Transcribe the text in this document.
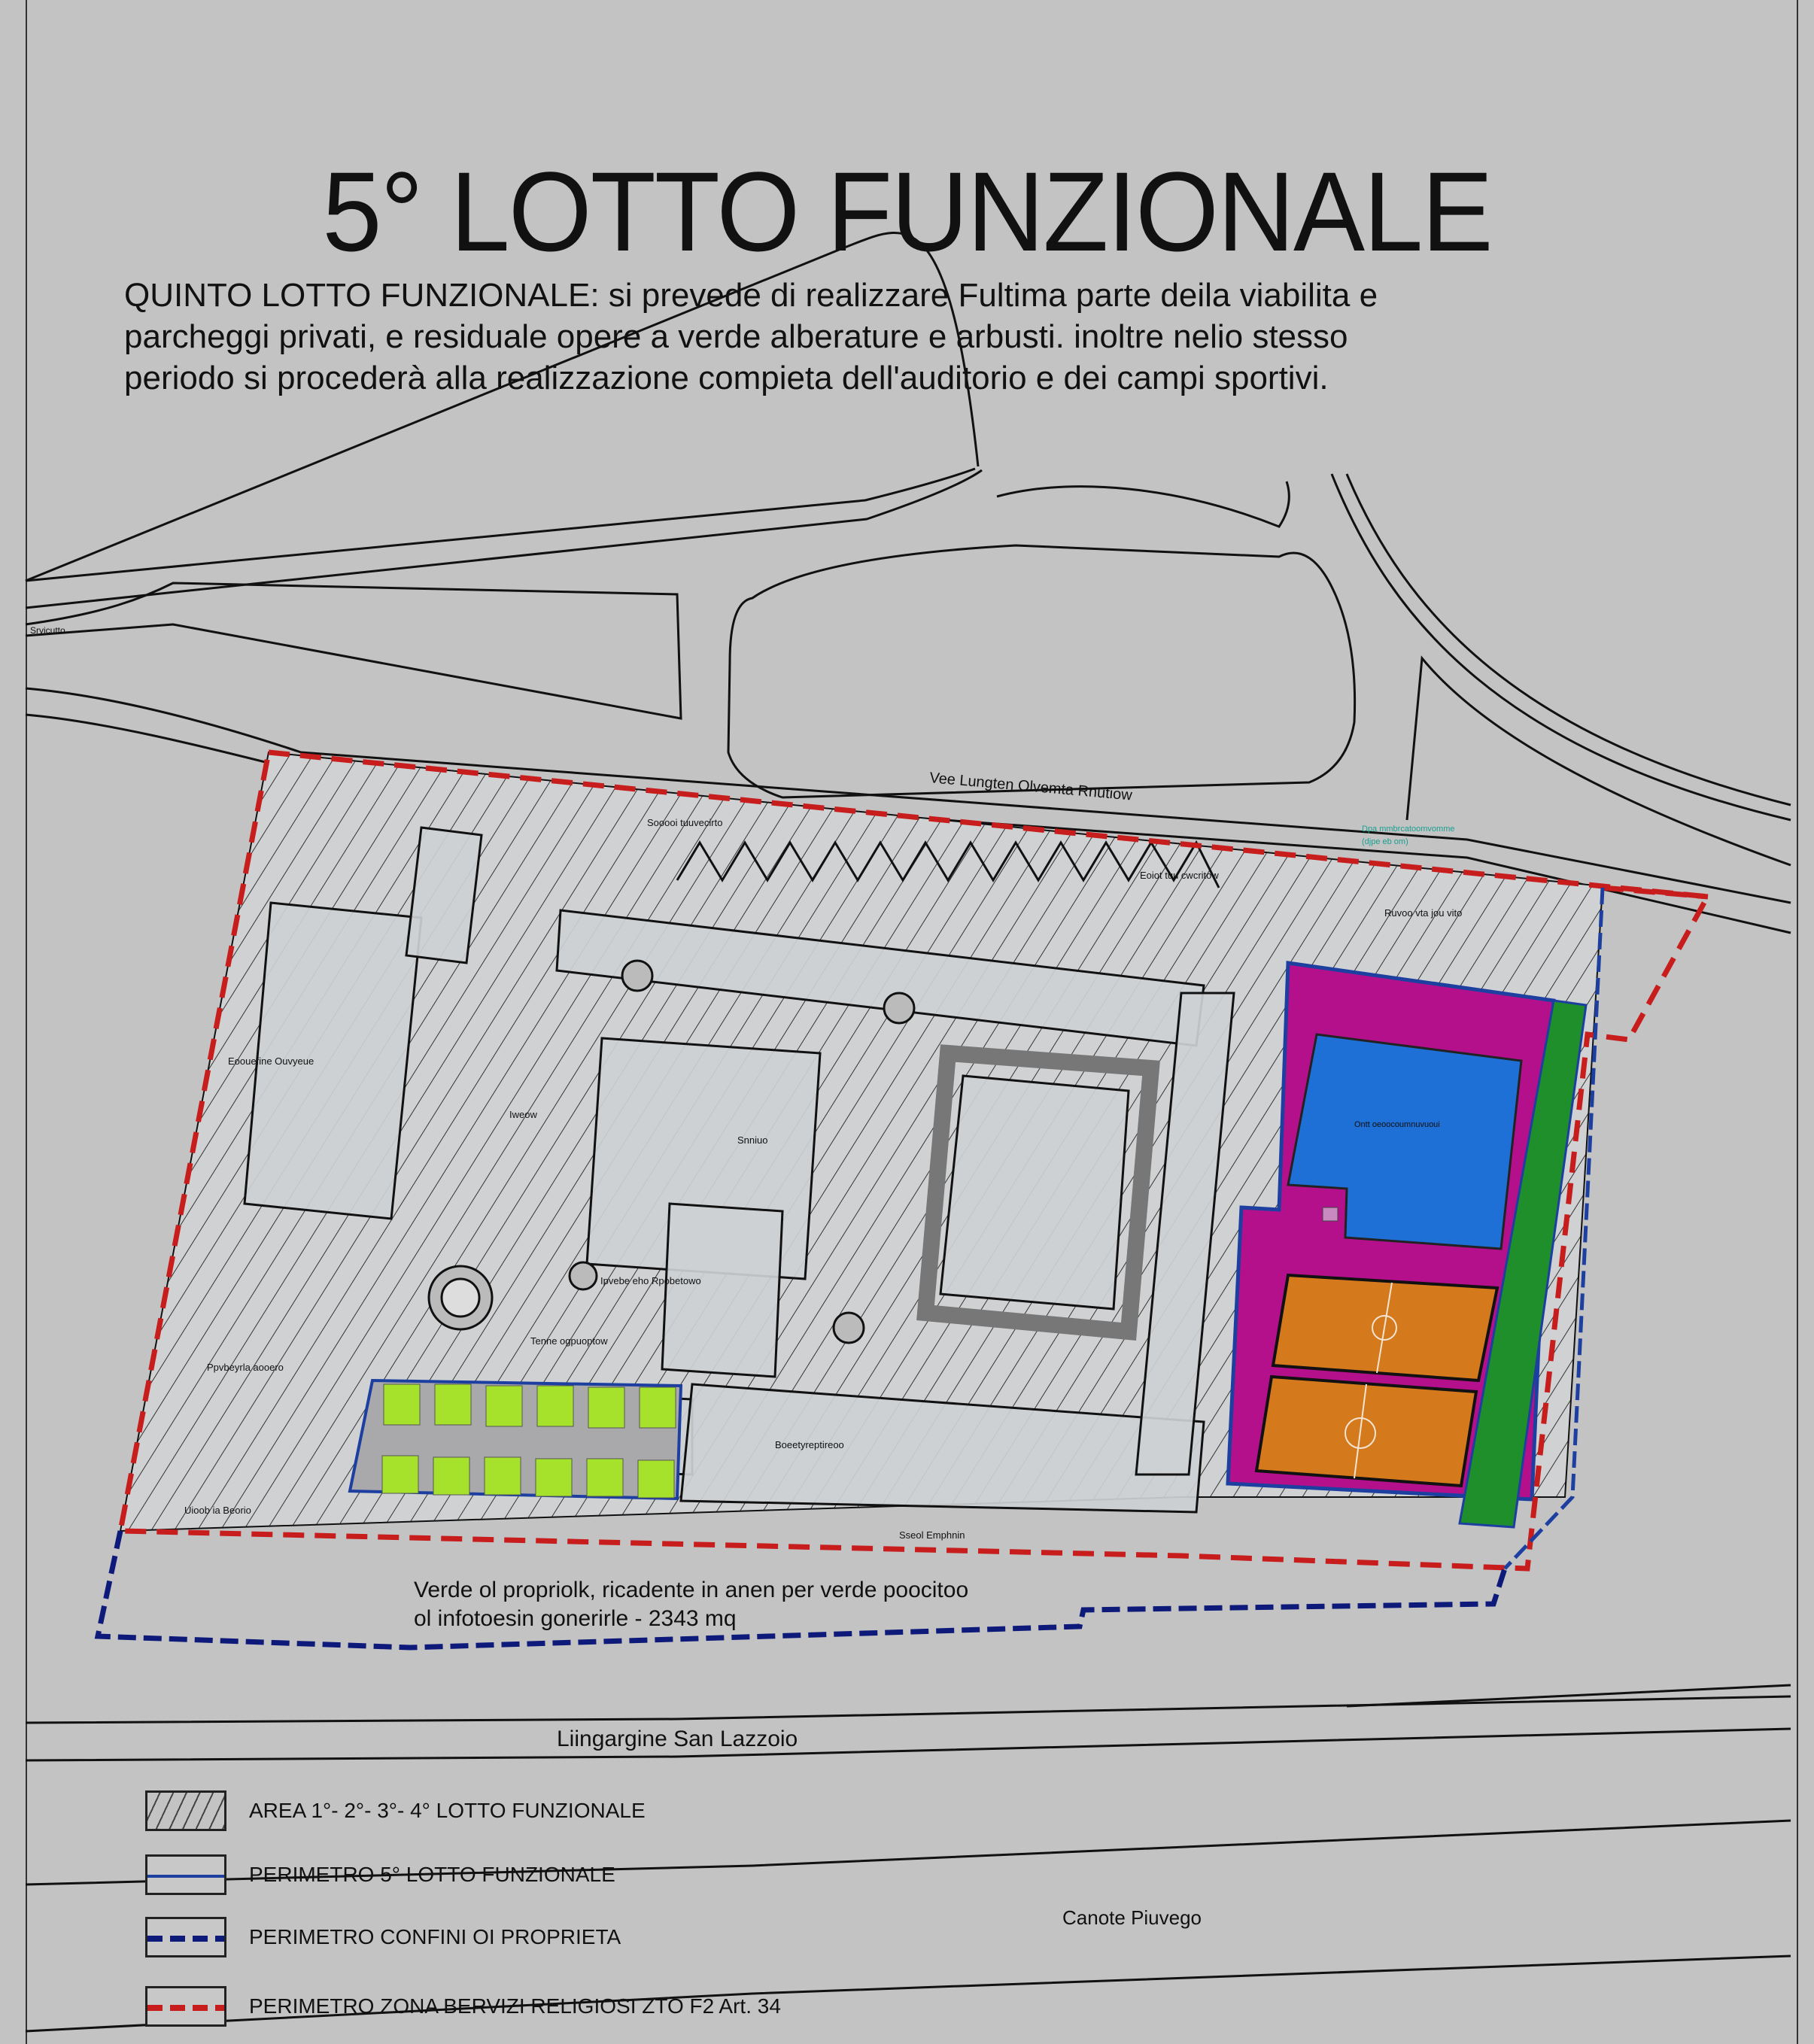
5° LOTTO FUNZIONALE
QUINTO LOTTO FUNZIONALE: si prevede di realizzare Fultima parte deila viabilita e
parcheggi privati, e residuale opere a verde alberature e arbusti. inoltre nelio stesso
periodo si procederà alla realizzazione compieta dell'auditorio e dei campi sportivi.
Vee Lungten Olvemta Rnutiow
Srvicutto
Dpa mmbrcatoomvomme
(djpe eb om)
Sooooi tuuvecirto
Eoiot tuu cwcritow
Ruvoo vta jou vito
Ontt oeoocoumnuvuoui
Snniuo
Iweow
Eoouefine Ouvyeue
Ppvbeyrla aooero
Uioob ia Beorio
Boeetyreptireoo
Sseol Emphnin
Tenne ogpuoptow
Ipvebe eho Rpobetowo
Verde ol propriolk, ricadente in anen per verde poocitoo
ol infotoesin gonerirle - 2343 mq
Liingargine San Lazzoio
Canote Piuvego
AREA 1°- 2°- 3°- 4° LOTTO FUNZIONALE
PERIMETRO 5° LOTTO FUNZIONALE
PERIMETRO CONFINI OI PROPRIETA
PERIMETRO ZONA BERVIZI RELIGIOSI ZTO F2 Art. 34
